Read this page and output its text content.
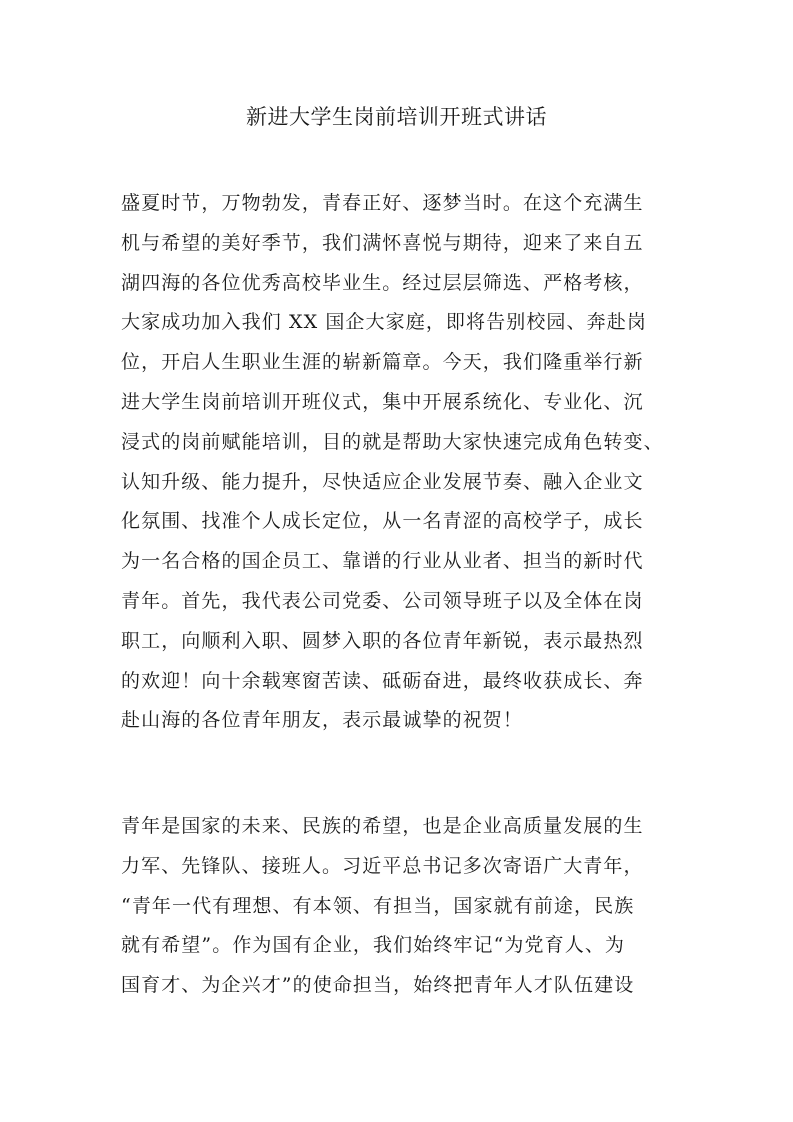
新进大学生岗前培训开班式讲话
盛夏时节，万物勃发，青春正好、逐梦当时。在这个充满生
机与希望的美好季节，我们满怀喜悦与期待，迎来了来自五
湖四海的各位优秀高校毕业生。经过层层筛选、严格考核，
大家成功加入我们 XX 国企大家庭，即将告别校园、奔赴岗
位，开启人生职业生涯的崭新篇章。今天，我们隆重举行新
进大学生岗前培训开班仪式，集中开展系统化、专业化、沉
浸式的岗前赋能培训，目的就是帮助大家快速完成角色转变、
认知升级、能力提升，尽快适应企业发展节奏、融入企业文
化氛围、找准个人成长定位，从一名青涩的高校学子，成长
为一名合格的国企员工、靠谱的行业从业者、担当的新时代
青年。首先，我代表公司党委、公司领导班子以及全体在岗
职工，向顺利入职、圆梦入职的各位青年新锐，表示最热烈
的欢迎！向十余载寒窗苦读、砥砺奋进，最终收获成长、奔
赴山海的各位青年朋友，表示最诚挚的祝贺！
青年是国家的未来、民族的希望，也是企业高质量发展的生
力军、先锋队、接班人。习近平总书记多次寄语广大青年，
“青年一代有理想、有本领、有担当，国家就有前途，民族
就有希望”。作为国有企业，我们始终牢记“为党育人、为
国育才、为企兴才”的使命担当，始终把青年人才队伍建设
